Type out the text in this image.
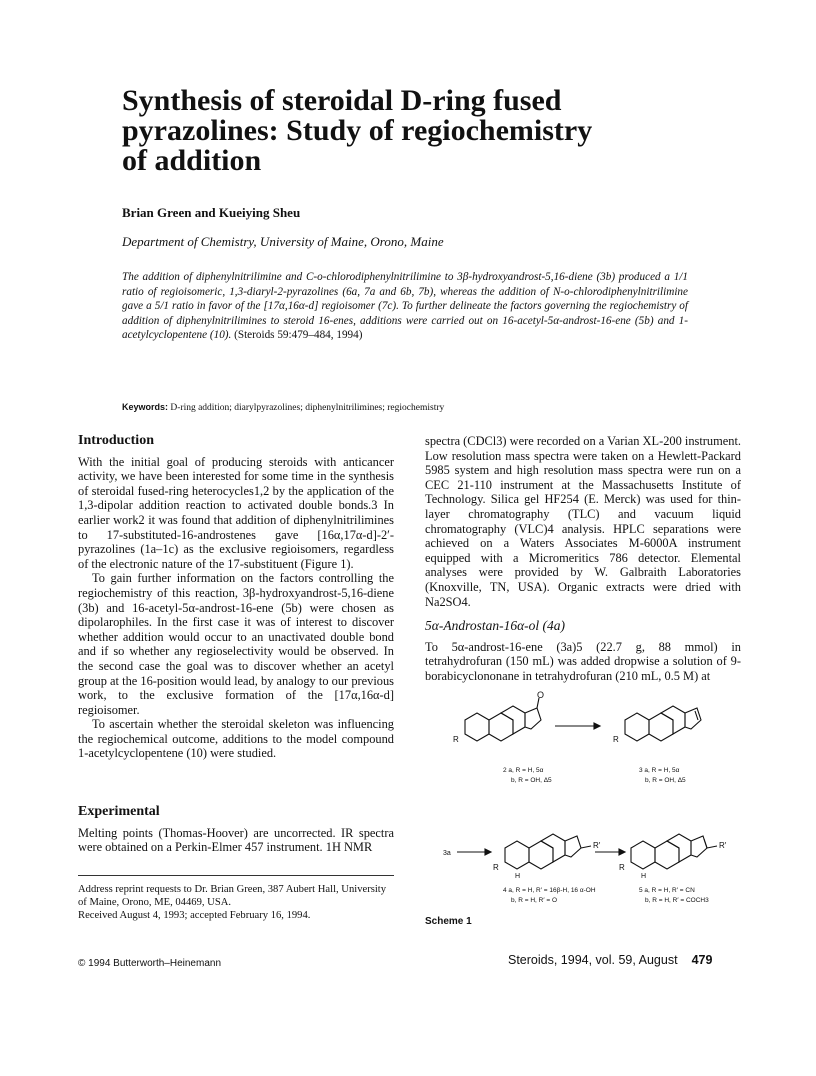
Synthesis of steroidal D-ring fused
pyrazolines: Study of regiochemistry
of addition
Brian Green and Kueiying Sheu
Department of Chemistry, University of Maine, Orono, Maine
The addition of diphenylnitrilimine and C-o-chlorodiphenylnitrilimine to 3β-hydroxyandrost-5,16-diene (3b) produced a 1/1 ratio of regioisomeric, 1,3-diaryl-2-pyrazolines (6a, 7a and 6b, 7b), whereas the addition of N-o-chlorodiphenylnitrilimine gave a 5/1 ratio in favor of the [17α,16α-d] regioisomer (7c). To further delineate the factors governing the regiochemistry of addition of diphenylnitrilimines to steroid 16-enes, additions were carried out on 16-acetyl-5α-androst-16-ene (5b) and 1-acetylcyclopentene (10). (Steroids 59:479–484, 1994)
Keywords: D-ring addition; diarylpyrazolines; diphenylnitrilimines; regiochemistry
Introduction

With the initial goal of producing steroids with anticancer activity, we have been interested for some time in the synthesis of steroidal fused-ring heterocycles1,2 by the application of the 1,3-dipolar addition reaction to activated double bonds.3 In earlier work2 it was found that addition of diphenylnitrilimines to 17-substituted-16-androstenes gave [16α,17α-d]-2′-pyrazolines (1a–1c) as the exclusive regioisomers, regardless of the electronic nature of the 17-substituent (Figure 1).

To gain further information on the factors controlling the regiochemistry of this reaction, 3β-hydroxyandrost-5,16-diene (3b) and 16-acetyl-5α-androst-16-ene (5b) were chosen as dipolarophiles. In the first case it was of interest to discover whether addition would occur to an unactivated double bond and if so whether any regioselectivity would be observed. In the second case the goal was to discover whether an acetyl group at the 16-position would lead, by analogy to our previous work, to the exclusive formation of the [17α,16α-d] regioisomer.

To ascertain whether the steroidal skeleton was influencing the regiochemical outcome, additions to the model compound 1-acetylcyclopentene (10) were studied.

Experimental

Melting points (Thomas-Hoover) are uncorrected. IR spectra were obtained on a Perkin-Elmer 457 instrument. 1H NMR

Address reprint requests to Dr. Brian Green, 387 Aubert Hall, University of Maine, Orono, ME, 04469, USA.
Received August 4, 1993; accepted February 16, 1994.

spectra (CDCl3) were recorded on a Varian XL-200 instrument. Low resolution mass spectra were taken on a Hewlett-Packard 5985 system and high resolution mass spectra were run on a CEC 21-110 instrument at the Massachusetts Institute of Technology. Silica gel HF254 (E. Merck) was used for thin-layer chromatography (TLC) and vacuum liquid chromatography (VLC)4 analysis. HPLC separations were achieved on a Waters Associates M-6000A instrument equipped with a Micromeritics 786 detector. Elemental analyses were provided by W. Galbraith Laboratories (Knoxville, TN, USA). Organic extracts were dried with Na2SO4.

5α-Androstan-16α-ol (4a)

To 5α-androst-16-ene (3a)5 (22.7 g, 88 mmol) in tetrahydrofuran (150 mL) was added dropwise a solution of 9-borabicyclononane in tetrahydrofuran (210 mL, 0.5 M) at

O
R	R
2 a, R = H, 5α
b, R = OH, Δ5
3 a, R = H, 5α
b, R = OH, Δ5
3a
R′
R
H
R′
R
H
4 a, R = H, R′ = 16β-H, 16 α-OH
b, R = H, R′ = O
5 a, R = H, R′ = CN
b, R = H, R′ = COCH3
Scheme 1
© 1994 Butterworth–Heinemann	Steroids, 1994, vol. 59, August 479
